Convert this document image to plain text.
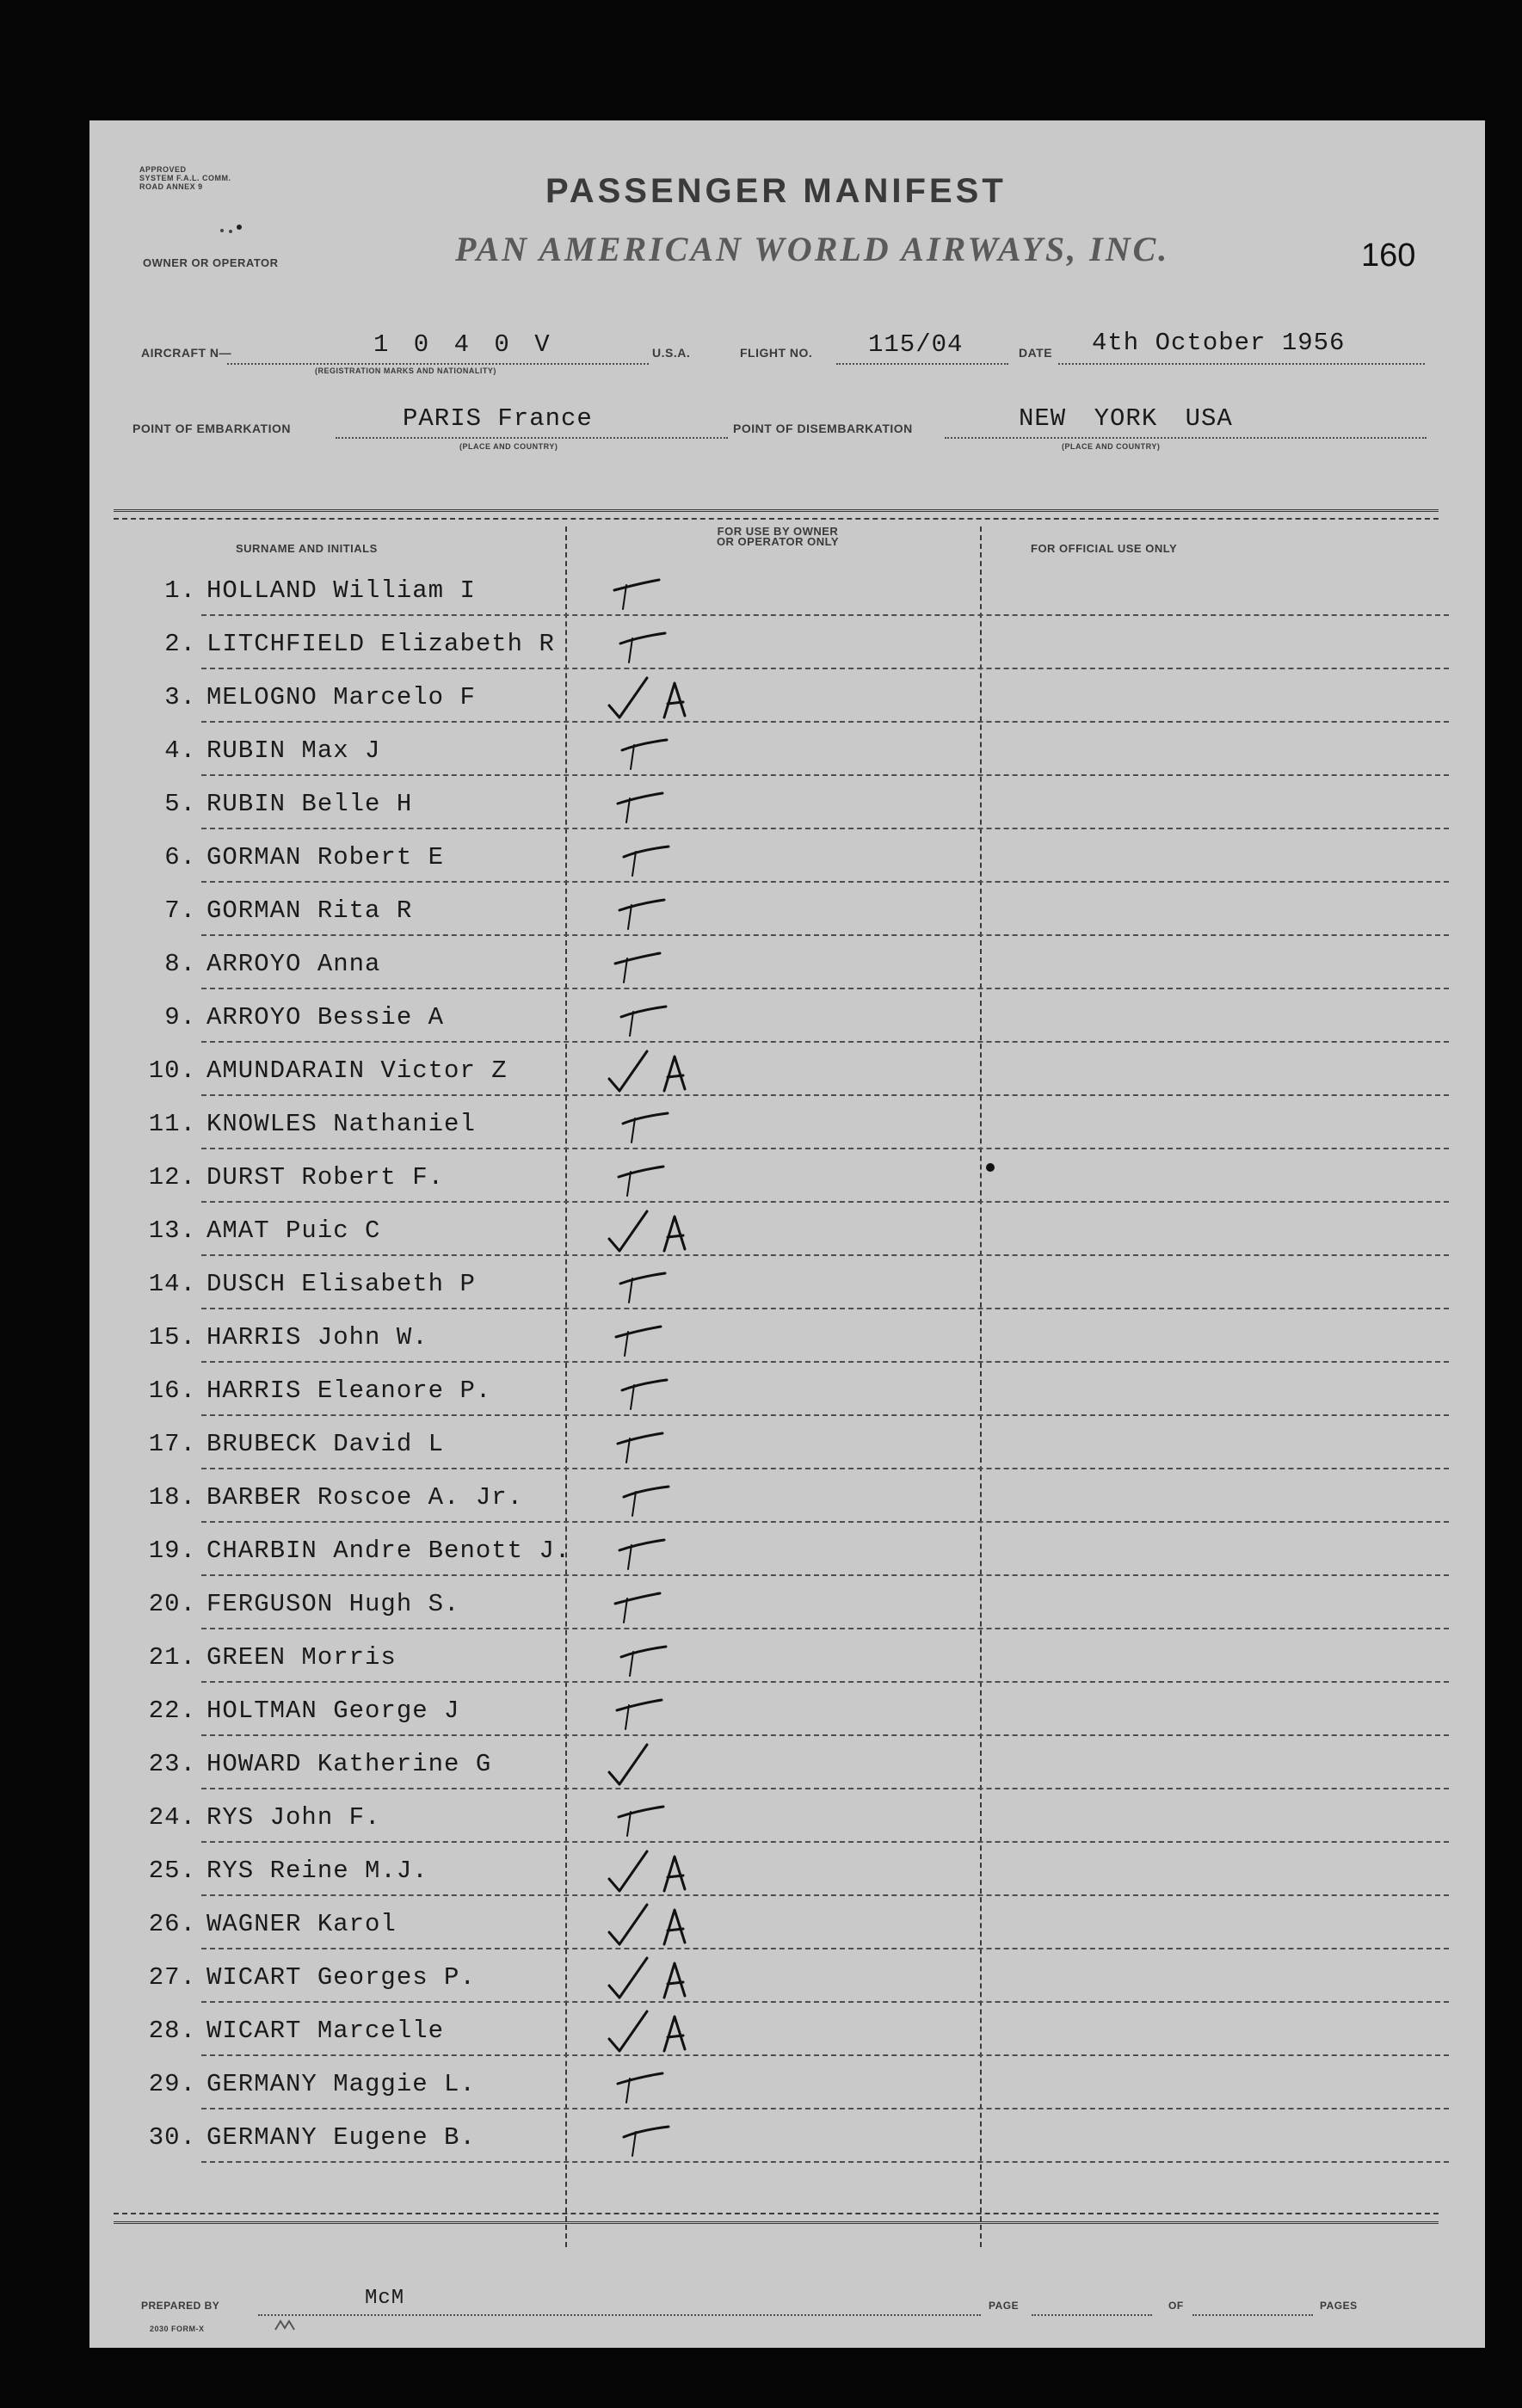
APPROVED
SYSTEM F.A.L. COMM.
ROAD ANNEX 9
OWNER OR OPERATOR
PASSENGER MANIFEST
PAN AMERICAN WORLD AIRWAYS, INC.	160
AIRCRAFT N—	1 0 4 0 V
(REGISTRATION MARKS AND NATIONALITY)
U.S.A.	FLIGHT NO. 115/04	DATE 4th October 1956
POINT OF EMBARKATION	PARIS France
(PLACE AND COUNTRY)
POINT OF DISEMBARKATION	NEW YORK USA
(PLACE AND COUNTRY)
SURNAME AND INITIALS
FOR USE BY OWNER
OR OPERATOR ONLY
FOR OFFICIAL USE ONLY
1. HOLLAND William I
2. LITCHFIELD Elizabeth R
3. MELOGNO Marcelo F
4. RUBIN Max J
5. RUBIN Belle H
6. GORMAN Robert E
7. GORMAN Rita R
8. ARROYO Anna
9. ARROYO Bessie A
10. AMUNDARAIN Victor Z
11. KNOWLES Nathaniel
12. DURST Robert F.
13. AMAT Puic C
14. DUSCH Elisabeth P
15. HARRIS John W.
16. HARRIS Eleanore P.
17. BRUBECK David L
18. BARBER Roscoe A. Jr.
19. CHARBIN Andre Benott J.
20. FERGUSON Hugh S.
21. GREEN Morris
22. HOLTMAN George J
23. HOWARD Katherine G
24. RYS John F.
25. RYS Reine M.J.
26. WAGNER Karol
27. WICART Georges P.
28. WICART Marcelle
29. GERMANY Maggie L.
30. GERMANY Eugene B.
PREPARED BY	McM	PAGE	OF	PAGES
2030 FORM-X
